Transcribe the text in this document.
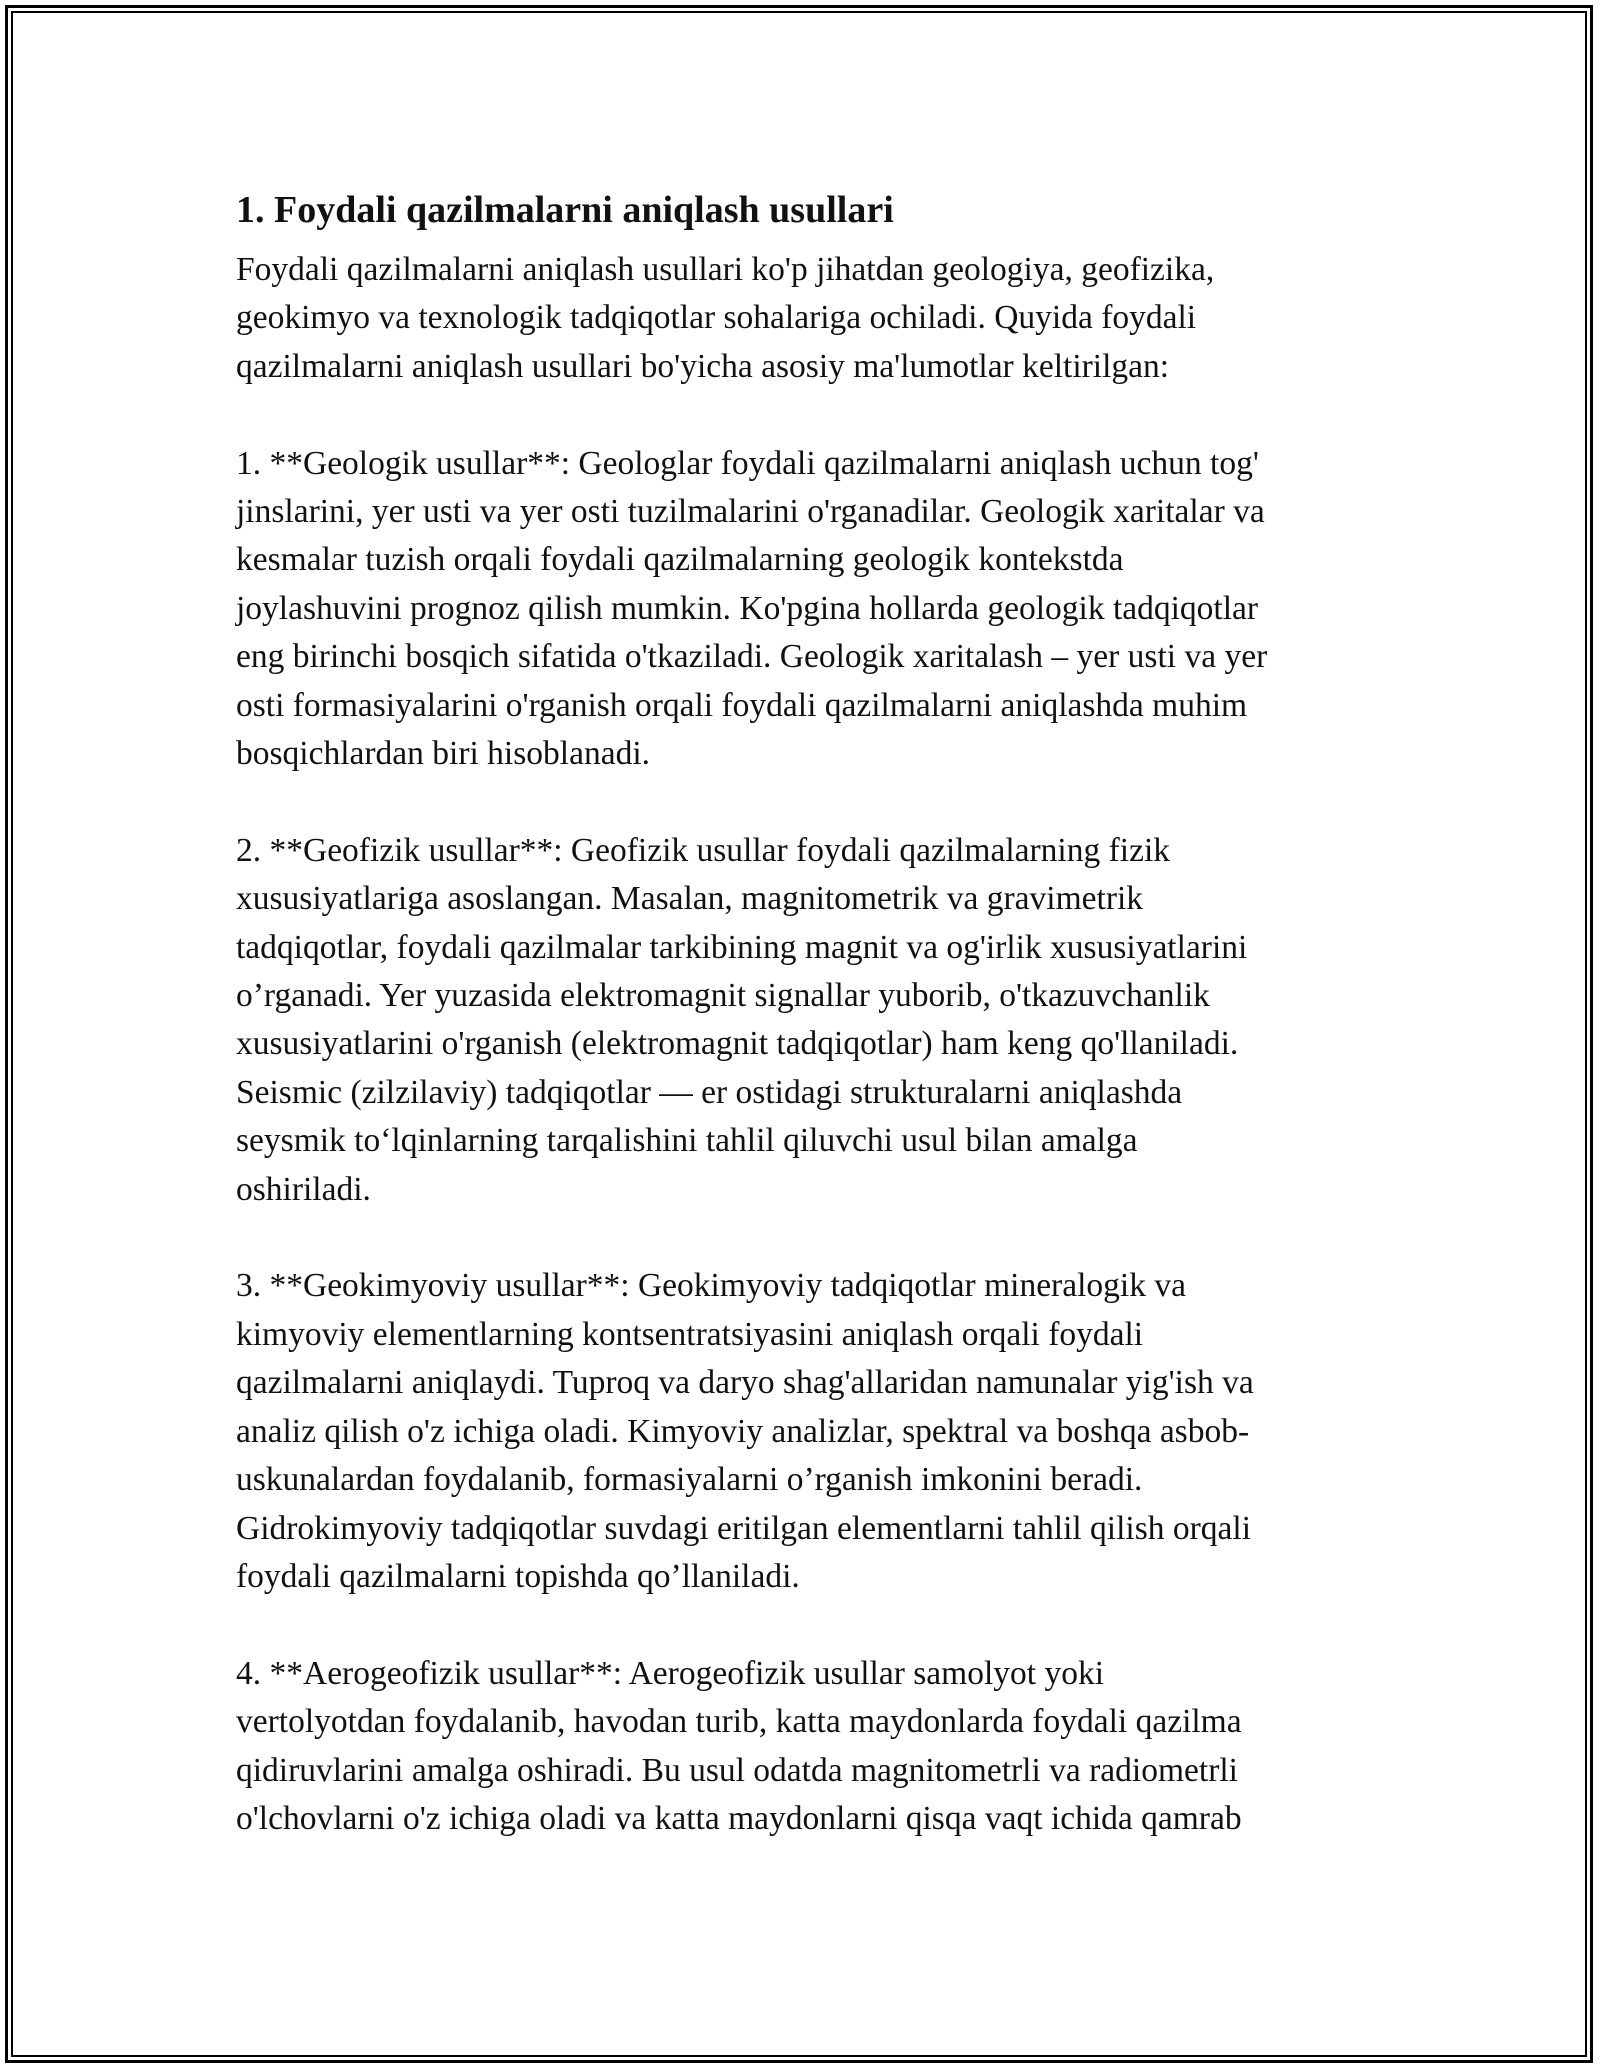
1. Foydali qazilmalarni aniqlash usullari

Foydali qazilmalarni aniqlash usullari ko'p jihatdan geologiya, geofizika,
geokimyo va texnologik tadqiqotlar sohalariga ochiladi. Quyida foydali
qazilmalarni aniqlash usullari bo'yicha asosiy ma'lumotlar keltirilgan:

1. **Geologik usullar**: Geologlar foydali qazilmalarni aniqlash uchun tog'
jinslarini, yer usti va yer osti tuzilmalarini o'rganadilar. Geologik xaritalar va
kesmalar tuzish orqali foydali qazilmalarning geologik kontekstda
joylashuvini prognoz qilish mumkin. Ko'pgina hollarda geologik tadqiqotlar
eng birinchi bosqich sifatida o'tkaziladi. Geologik xaritalash – yer usti va yer
osti formasiyalarini o'rganish orqali foydali qazilmalarni aniqlashda muhim
bosqichlardan biri hisoblanadi.

2. **Geofizik usullar**: Geofizik usullar foydali qazilmalarning fizik
xususiyatlariga asoslangan. Masalan, magnitometrik va gravimetrik
tadqiqotlar, foydali qazilmalar tarkibining magnit va og'irlik xususiyatlarini
o’rganadi. Yer yuzasida elektromagnit signallar yuborib, o'tkazuvchanlik
xususiyatlarini o'rganish (elektromagnit tadqiqotlar) ham keng qo'llaniladi.
Seismic (zilzilaviy) tadqiqotlar — er ostidagi strukturalarni aniqlashda
seysmik to‘lqinlarning tarqalishini tahlil qiluvchi usul bilan amalga
oshiriladi.

3. **Geokimyoviy usullar**: Geokimyoviy tadqiqotlar mineralogik va
kimyoviy elementlarning kontsentratsiyasini aniqlash orqali foydali
qazilmalarni aniqlaydi. Tuproq va daryo shag'allaridan namunalar yig'ish va
analiz qilish o'z ichiga oladi. Kimyoviy analizlar, spektral va boshqa asbob-
uskunalardan foydalanib, formasiyalarni o’rganish imkonini beradi.
Gidrokimyoviy tadqiqotlar suvdagi eritilgan elementlarni tahlil qilish orqali
foydali qazilmalarni topishda qo’llaniladi.

4. **Aerogeofizik usullar**: Aerogeofizik usullar samolyot yoki
vertolyotdan foydalanib, havodan turib, katta maydonlarda foydali qazilma
qidiruvlarini amalga oshiradi. Bu usul odatda magnitometrli va radiometrli
o'lchovlarni o'z ichiga oladi va katta maydonlarni qisqa vaqt ichida qamrab
